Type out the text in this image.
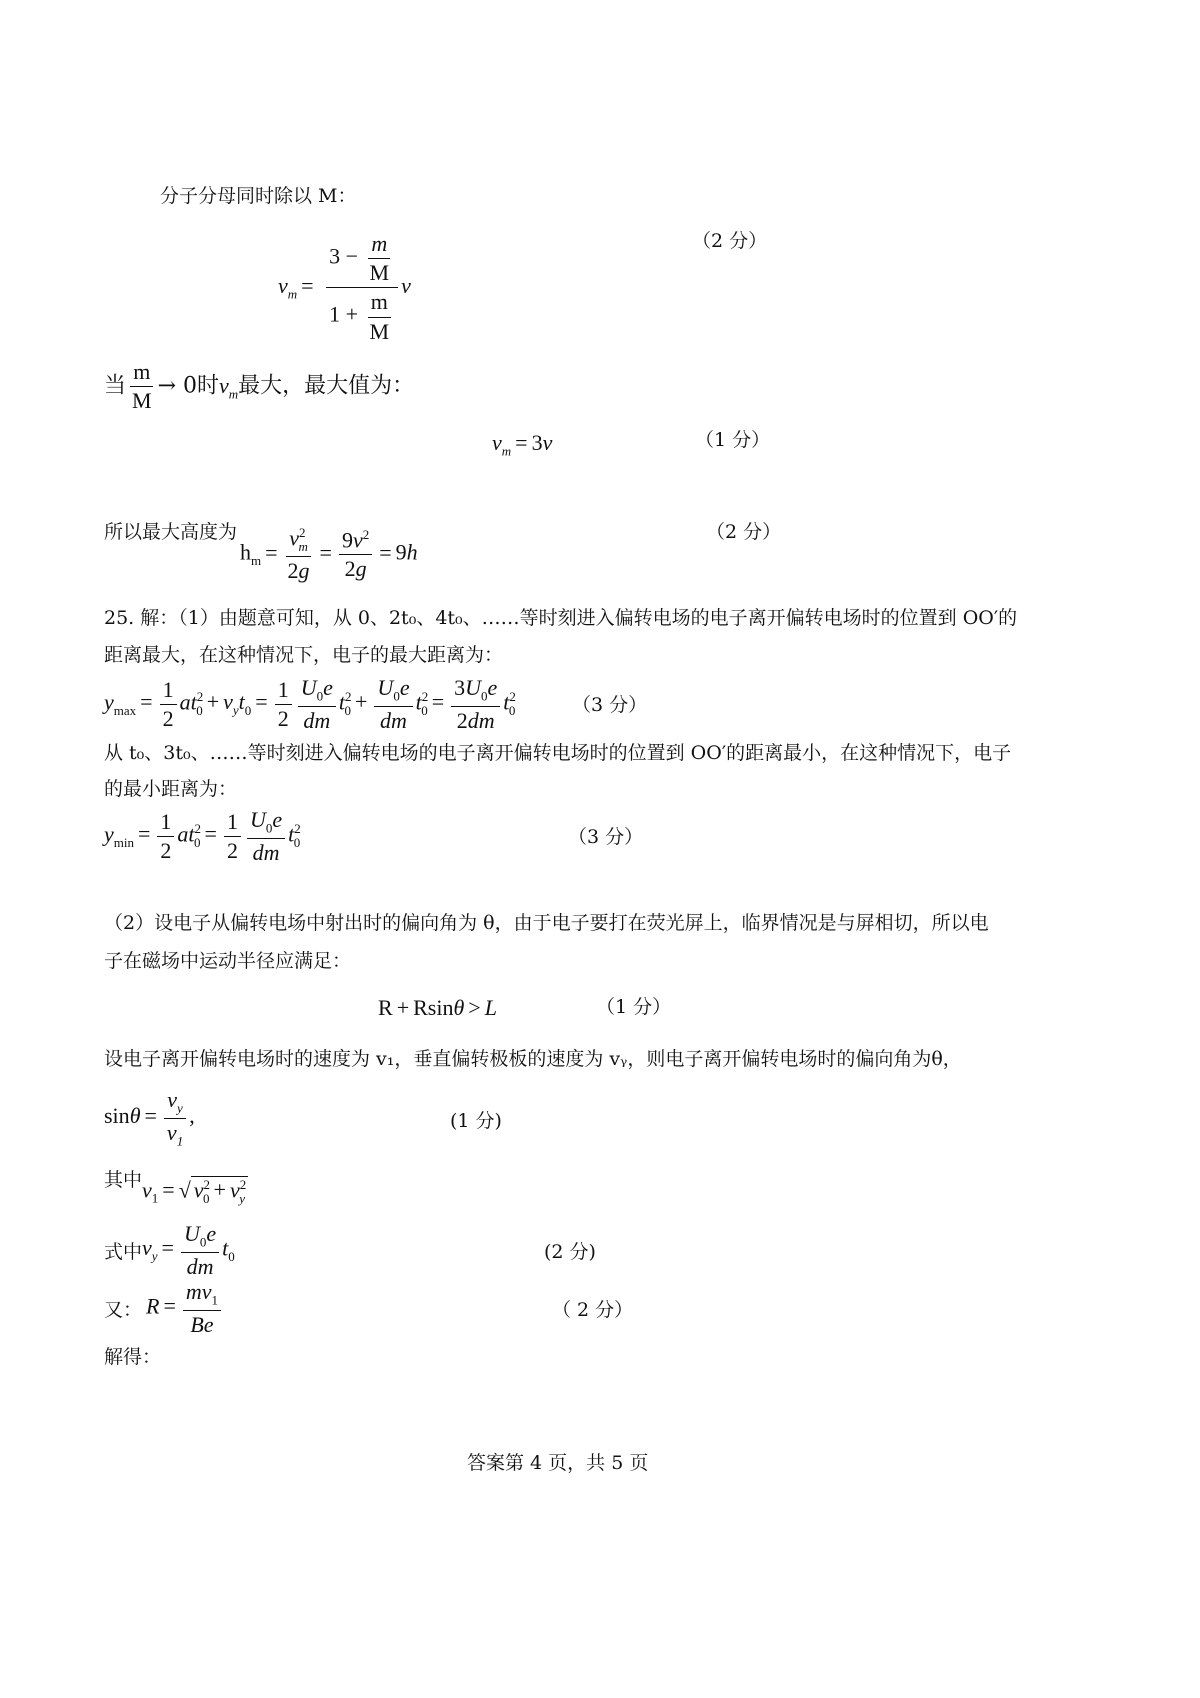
分子分母同时除以 M：
（2 分）
$v_m = \frac{3 - \frac{m}{M}}{1 + \frac{m}{M}}$ v
当 $\frac{m}{M} \to 0$时$v_m$最大，最大值为：
$v_m = 3v$	（1 分）
所以最大高度为	（2 分）
$h_m = \frac{v^2_m}{2g} = \frac{9v^2}{2g} = 9h$
25. 解：（1）由题意可知，从 0、2t₀、4t₀、……等时刻进入偏转电场的电子离开偏转电场时的位置到 OO′的
距离最大，在这种情况下，电子的最大距离为：
$y_{max} = \frac{1}{2} at^2_0 + v_yt_0 = \frac{1}{2} \frac{U_0e}{dm} t^2_0 + \frac{U_0e}{dm} t^2_0 = \frac{3U_0e}{2dm} t^2_0$	（3 分）
从 t₀、3t₀、……等时刻进入偏转电场的电子离开偏转电场时的位置到 OO′的距离最小，在这种情况下，电子
的最小距离为：
$y_{min} = \frac{1}{2} at^2_0 = \frac{1}{2} \frac{U_0e}{dm} t^2_0$	（3 分）
（2）设电子从偏转电场中射出时的偏向角为 θ，由于电子要打在荧光屏上，临界情况是与屏相切，所以电
子在磁场中运动半径应满足：
R + Rsinθ > L	（1 分）
设电子离开偏转电场时的速度为 v₁，垂直偏转极板的速度为 vᵧ，则电子离开偏转电场时的偏向角为θ，
$\sin\theta = \frac{v_y}{v_1}$ ,	(1 分)
其中 $v_1$ = √ $v^2_0 + v^2_y$
式中 $v_y = \frac{U_0e}{dm} t_0$	(2 分)
又： $R = \frac{mv_1}{Be}$	（ 2 分）
解得：
答案第 4 页，共 5 页
